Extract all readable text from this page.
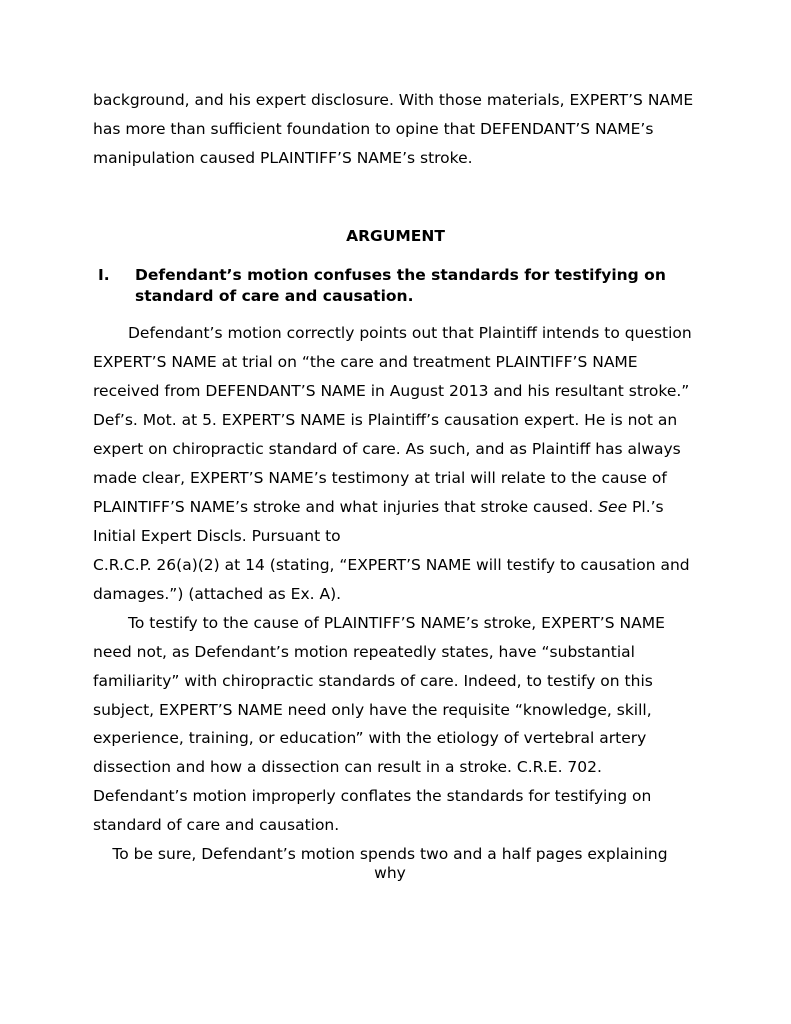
background, and his expert disclosure. With those materials, EXPERT’S NAME
has more than sufficient foundation to opine that DEFENDANT’S NAME’s
manipulation caused PLAINTIFF’S NAME’s stroke.
ARGUMENT
I. Defendant’s motion confuses the standards for testifying on
standard of care and causation.
Defendant’s motion correctly points out that Plaintiff intends to question
EXPERT’S NAME at trial on “the care and treatment PLAINTIFF’S NAME
received from DEFENDANT’S NAME in August 2013 and his resultant stroke.”
Def’s. Mot. at 5. EXPERT’S NAME is Plaintiff’s causation expert. He is not an
expert on chiropractic standard of care. As such, and as Plaintiff has always
made clear, EXPERT’S NAME’s testimony at trial will relate to the cause of
PLAINTIFF’S NAME’s stroke and what injuries that stroke caused. See Pl.’s
Initial Expert Discls. Pursuant to
C.R.C.P. 26(a)(2) at 14 (stating, “EXPERT’S NAME will testify to causation and
damages.”) (attached as Ex. A).
To testify to the cause of PLAINTIFF’S NAME’s stroke, EXPERT’S NAME
need not, as Defendant’s motion repeatedly states, have “substantial
familiarity” with chiropractic standards of care. Indeed, to testify on this
subject, EXPERT’S NAME need only have the requisite “knowledge, skill,
experience, training, or education” with the etiology of vertebral artery
dissection and how a dissection can result in a stroke. C.R.E. 702.
Defendant’s motion improperly conflates the standards for testifying on
standard of care and causation.
To be sure, Defendant’s motion spends two and a half pages explaining
why
